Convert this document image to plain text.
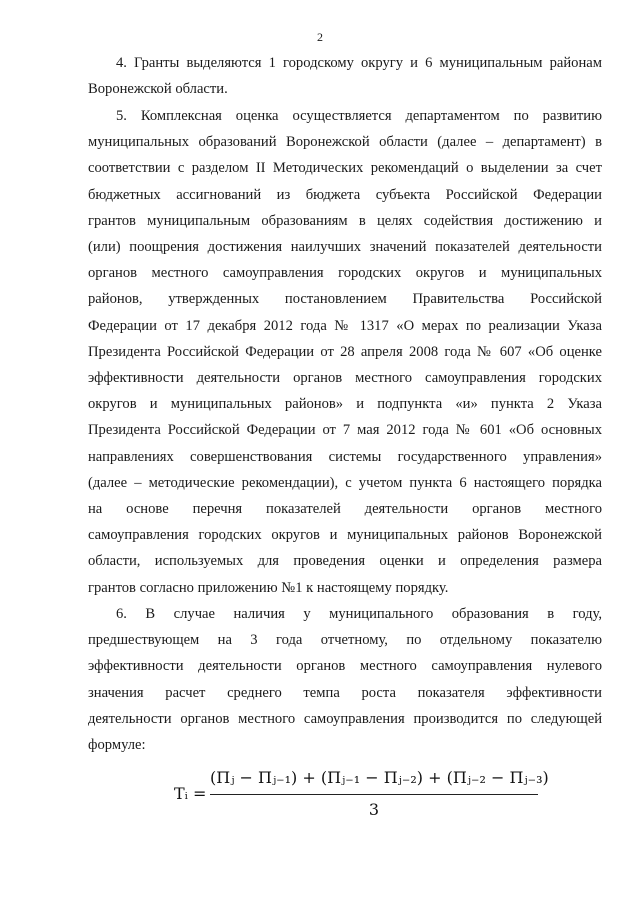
2
4. Гранты выделяются 1 городскому округу и 6 муниципальным районам
Воронежской области.
5. Комплексная оценка осуществляется департаментом по развитию
муниципальных образований Воронежской области (далее – департамент) в
соответствии с разделом II Методических рекомендаций о выделении за счет
бюджетных ассигнований из бюджета субъекта Российской Федерации
грантов муниципальным образованиям в целях содействия достижению и
(или) поощрения достижения наилучших значений показателей деятельности
органов местного самоуправления городских округов и муниципальных
районов, утвержденных постановлением Правительства Российской
Федерации от 17 декабря 2012 года № 1317 «О мерах по реализации Указа
Президента Российской Федерации от 28 апреля 2008 года № 607 «Об оценке
эффективности деятельности органов местного самоуправления городских
округов и муниципальных районов» и подпункта «и» пункта 2 Указа
Президента Российской Федерации от 7 мая 2012 года № 601 «Об основных
направлениях совершенствования системы государственного управления»
(далее – методические рекомендации), с учетом пункта 6 настоящего порядка
на основе перечня показателей деятельности органов местного
самоуправления городских округов и муниципальных районов Воронежской
области, используемых для проведения оценки и определения размера
грантов согласно приложению №1 к настоящему порядку.
6. В случае наличия у муниципального образования в году,
предшествующем на 3 года отчетному, по отдельному показателю
эффективности деятельности органов местного самоуправления нулевого
значения расчет среднего темпа роста показателя эффективности
деятельности органов местного самоуправления производится по следующей
формуле:
Tᵢ =
(Пⱼ − Пⱼ₋₁) + (Пⱼ₋₁ − Пⱼ₋₂) + (Пⱼ₋₂ − Пⱼ₋₃)
3
